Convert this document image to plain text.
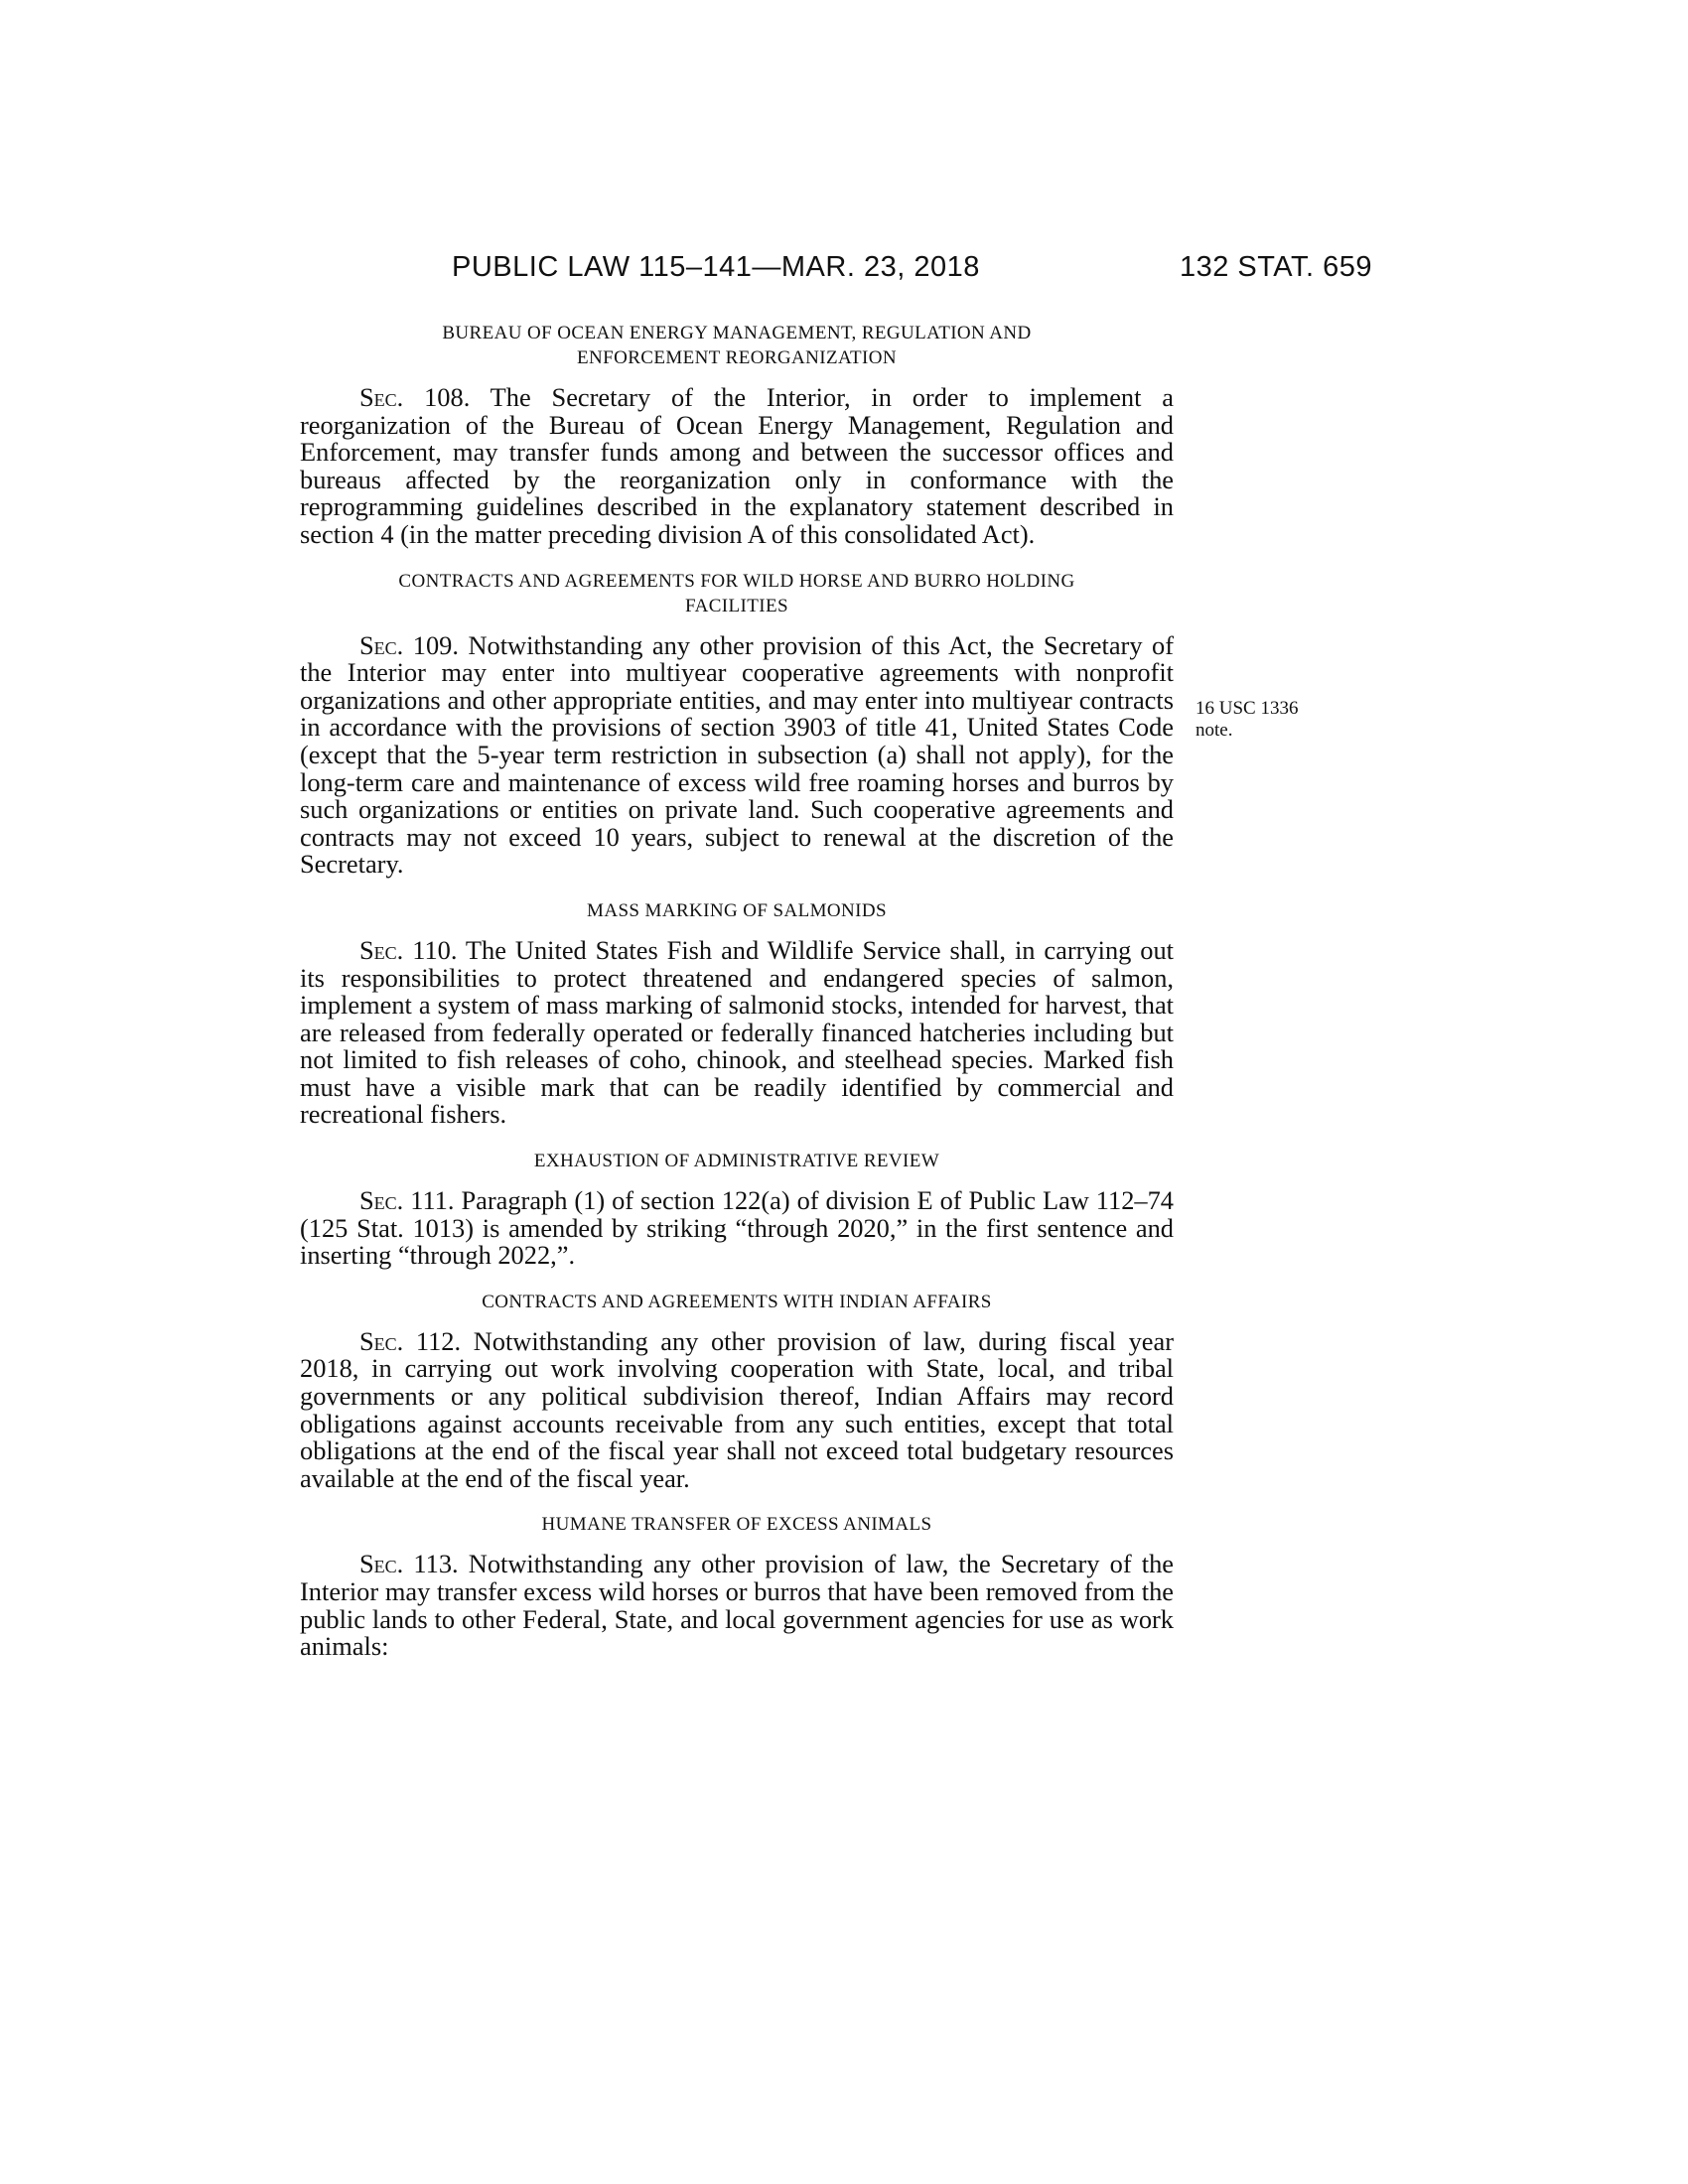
PUBLIC LAW 115–141—MAR. 23, 2018	132 STAT. 659
16 USC 1336
note.
BUREAU OF OCEAN ENERGY MANAGEMENT, REGULATION AND
ENFORCEMENT REORGANIZATION

Sec. 108. The Secretary of the Interior, in order to implement a reorganization of the Bureau of Ocean Energy Management, Regulation and Enforcement, may transfer funds among and between the successor offices and bureaus affected by the reorganization only in conformance with the reprogramming guidelines described in the explanatory statement described in section 4 (in the matter preceding division A of this consolidated Act).

CONTRACTS AND AGREEMENTS FOR WILD HORSE AND BURRO HOLDING
FACILITIES

Sec. 109. Notwithstanding any other provision of this Act, the Secretary of the Interior may enter into multiyear cooperative agreements with nonprofit organizations and other appropriate entities, and may enter into multiyear contracts in accordance with the provisions of section 3903 of title 41, United States Code (except that the 5-year term restriction in subsection (a) shall not apply), for the long-term care and maintenance of excess wild free roaming horses and burros by such organizations or entities on private land. Such cooperative agreements and contracts may not exceed 10 years, subject to renewal at the discretion of the Secretary.

MASS MARKING OF SALMONIDS

Sec. 110. The United States Fish and Wildlife Service shall, in carrying out its responsibilities to protect threatened and endangered species of salmon, implement a system of mass marking of salmonid stocks, intended for harvest, that are released from federally operated or federally financed hatcheries including but not limited to fish releases of coho, chinook, and steelhead species. Marked fish must have a visible mark that can be readily identified by commercial and recreational fishers.

EXHAUSTION OF ADMINISTRATIVE REVIEW

Sec. 111. Paragraph (1) of section 122(a) of division E of Public Law 112–74 (125 Stat. 1013) is amended by striking “through 2020,” in the first sentence and inserting “through 2022,”.

CONTRACTS AND AGREEMENTS WITH INDIAN AFFAIRS

Sec. 112. Notwithstanding any other provision of law, during fiscal year 2018, in carrying out work involving cooperation with State, local, and tribal governments or any political subdivision thereof, Indian Affairs may record obligations against accounts receivable from any such entities, except that total obligations at the end of the fiscal year shall not exceed total budgetary resources available at the end of the fiscal year.

HUMANE TRANSFER OF EXCESS ANIMALS

Sec. 113. Notwithstanding any other provision of law, the Secretary of the Interior may transfer excess wild horses or burros that have been removed from the public lands to other Federal, State, and local government agencies for use as work animals:
